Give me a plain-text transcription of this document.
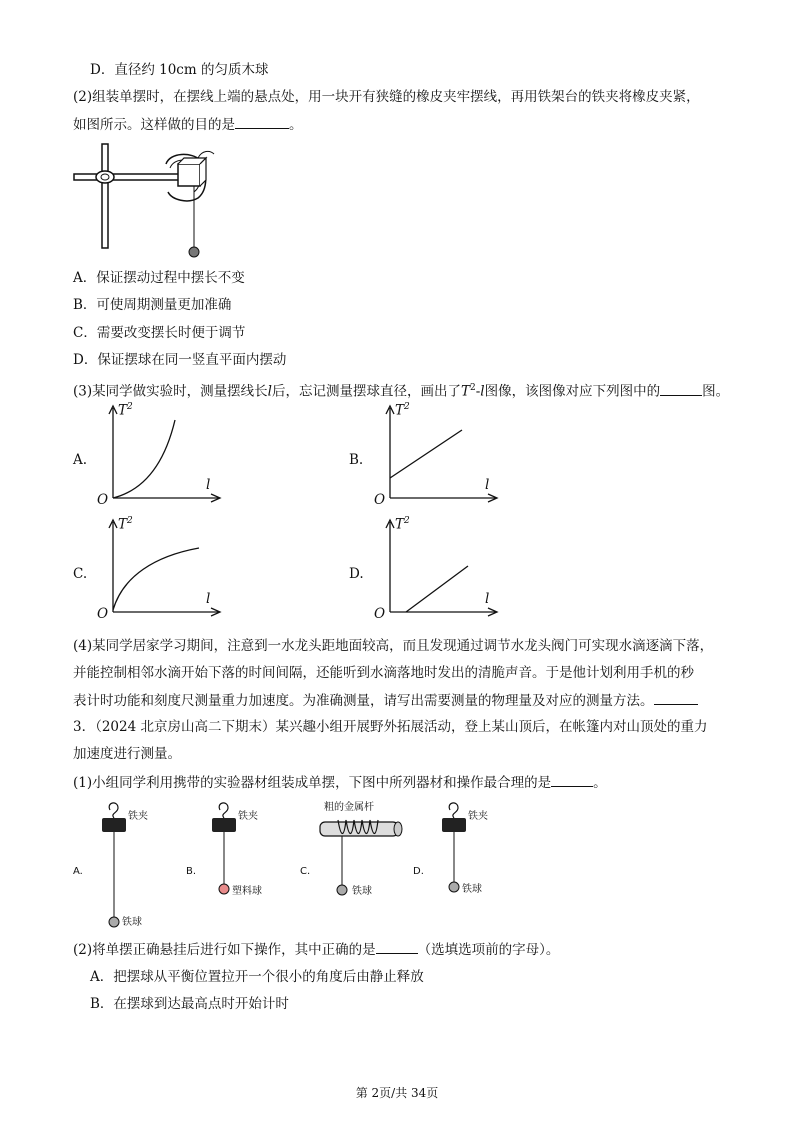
D．直径约 10cm 的匀质木球
(2)组装单摆时，在摆线上端的悬点处，用一块开有狭缝的橡皮夹牢摆线，再用铁架台的铁夹将橡皮夹紧，
如图所示。这样做的目的是	。
A．保证摆动过程中摆长不变
B．可使周期测量更加准确
C．需要改变摆长时便于调节
D．保证摆球在同一竖直平面内摆动
(3)某同学做实验时，测量摆线长l后，忘记测量摆球直径，画出了$T^2-l$图像，该图像对应下列图中的	图。
A.
$T^2$
O
l
B.
$T^2$
O
l
C.
$T^2$
O
l
D.
$T^2$
O
l
(4)某同学居家学习期间，注意到一水龙头距地面较高，而且发现通过调节水龙头阀门可实现水滴逐滴下落，
并能控制相邻水滴开始下落的时间间隔，还能听到水滴落地时发出的清脆声音。于是他计划利用手机的秒
表计时功能和刻度尺测量重力加速度。为准确测量，请写出需要测量的物理量及对应的测量方法。
3．（2024 北京房山高二下期末）某兴趣小组开展野外拓展活动，登上某山顶后，在帐篷内对山顶处的重力
加速度进行测量。
(1)小组同学利用携带的实验器材组装成单摆，下图中所列器材和操作最合理的是	。
A.
铁夹
铁球
B.
铁夹
塑料球
C.
粗的金属杆
铁球
D.
铁夹
铁球
(2)将单摆正确悬挂后进行如下操作，其中正确的是	（选填选项前的字母）。
A．把摆球从平衡位置拉开一个很小的角度后由静止释放
B．在摆球到达最高点时开始计时
第 2页/共 34页
